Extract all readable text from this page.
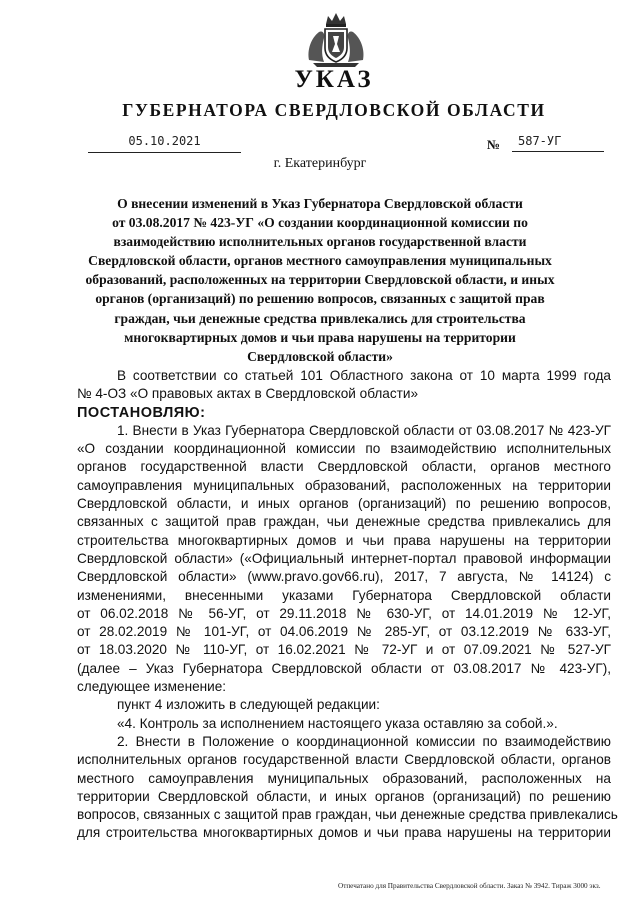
УКАЗ
ГУБЕРНАТОРА СВЕРДЛОВСКОЙ ОБЛАСТИ
05.10.2021	№	587-УГ
г. Екатеринбург
О внесении изменений в Указ Губернатора Свердловской области
от 03.08.2017 № 423-УГ «О создании координационной комиссии по
взаимодействию исполнительных органов государственной власти
Свердловской области, органов местного самоуправления муниципальных
образований, расположенных на территории Свердловской области, и иных
органов (организаций) по решению вопросов, связанных с защитой прав
граждан, чьи денежные средства привлекались для строительства
многоквартирных домов и чьи права нарушены на территории
Свердловской области»
В соответствии со статьей 101 Областного закона от 10 марта 1999 года
№ 4-ОЗ «О правовых актах в Свердловской области»
ПОСТАНОВЛЯЮ:
1. Внести в Указ Губернатора Свердловской области от 03.08.2017 № 423-УГ
«О создании координационной комиссии по взаимодействию исполнительных
органов государственной власти Свердловской области, органов местного
самоуправления муниципальных образований, расположенных на территории
Свердловской области, и иных органов (организаций) по решению вопросов,
связанных с защитой прав граждан, чьи денежные средства привлекались для
строительства многоквартирных домов и чьи права нарушены на территории
Свердловской области» («Официальный интернет-портал правовой информации
Свердловской области» (www.pravo.gov66.ru), 2017, 7 августа, № 14124) с
изменениями, внесенными указами Губернатора Свердловской области
от 06.02.2018 № 56-УГ, от 29.11.2018 № 630-УГ, от 14.01.2019 № 12-УГ,
от 28.02.2019 № 101-УГ, от 04.06.2019 № 285-УГ, от 03.12.2019 № 633-УГ,
от 18.03.2020 № 110-УГ, от 16.02.2021 № 72-УГ и от 07.09.2021 № 527-УГ
(далее – Указ Губернатора Свердловской области от 03.08.2017 № 423-УГ),
следующее изменение:
пункт 4 изложить в следующей редакции:
«4. Контроль за исполнением настоящего указа оставляю за собой.».
2. Внести в Положение о координационной комиссии по взаимодействию
исполнительных органов государственной власти Свердловской области, органов
местного самоуправления муниципальных образований, расположенных на
территории Свердловской области, и иных органов (организаций) по решению
вопросов, связанных с защитой прав граждан, чьи денежные средства привлекались
для строительства многоквартирных домов и чьи права нарушены на территории
Отпечатано для Правительства Свердловской области. Заказ № 3942. Тираж 3000 экз.
